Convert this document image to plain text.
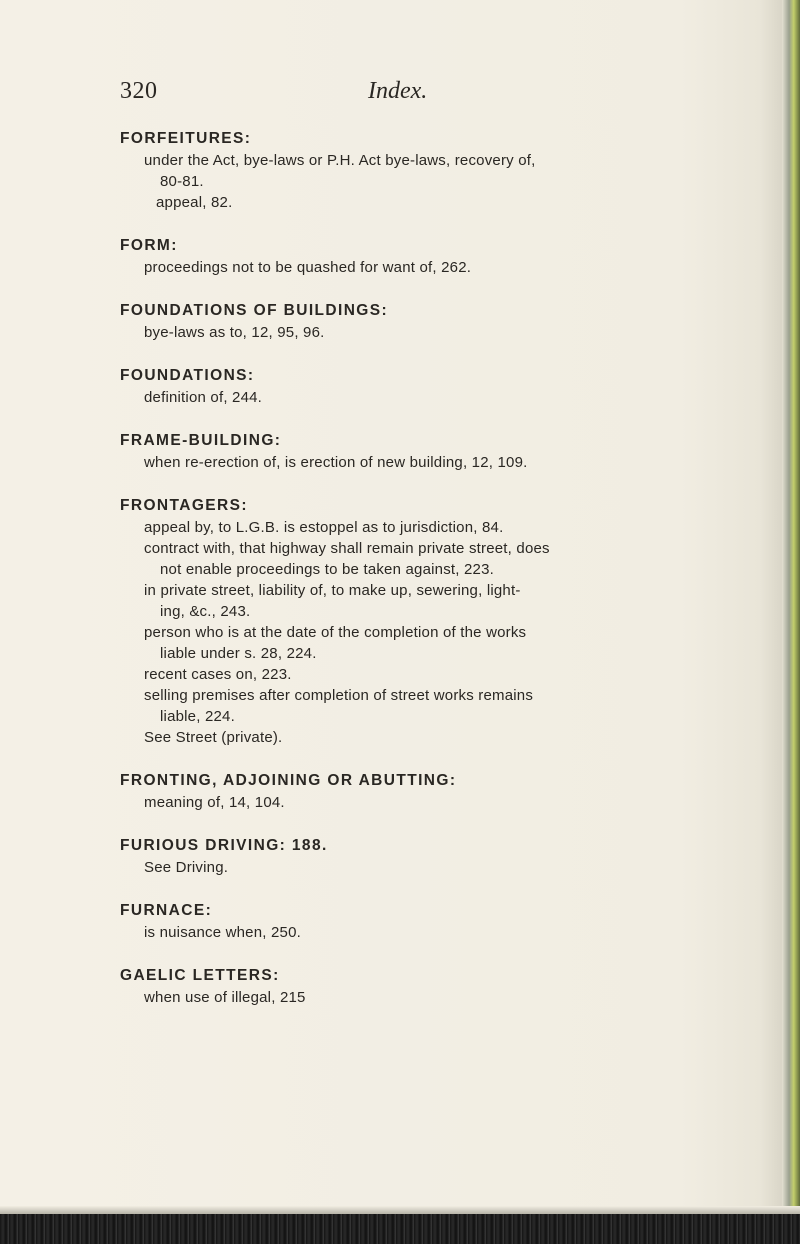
320	Index.
FORFEITURES:
under the Act, bye-laws or P.H. Act bye-laws, recovery of,
80-81.
appeal, 82.
FORM:
proceedings not to be quashed for want of, 262.
FOUNDATIONS OF BUILDINGS:
bye-laws as to, 12, 95, 96.
FOUNDATIONS:
definition of, 244.
FRAME-BUILDING:
when re-erection of, is erection of new building, 12, 109.
FRONTAGERS:
appeal by, to L.G.B. is estoppel as to jurisdiction, 84.
contract with, that highway shall remain private street, does
not enable proceedings to be taken against, 223.
in private street, liability of, to make up, sewering, light-
ing, &c., 243.
person who is at the date of the completion of the works
liable under s. 28, 224.
recent cases on, 223.
selling premises after completion of street works remains
liable, 224.
See Street (private).
FRONTING, ADJOINING OR ABUTTING:
meaning of, 14, 104.
FURIOUS DRIVING: 188.
See Driving.
FURNACE:
is nuisance when, 250.
GAELIC LETTERS:
when use of illegal, 215
